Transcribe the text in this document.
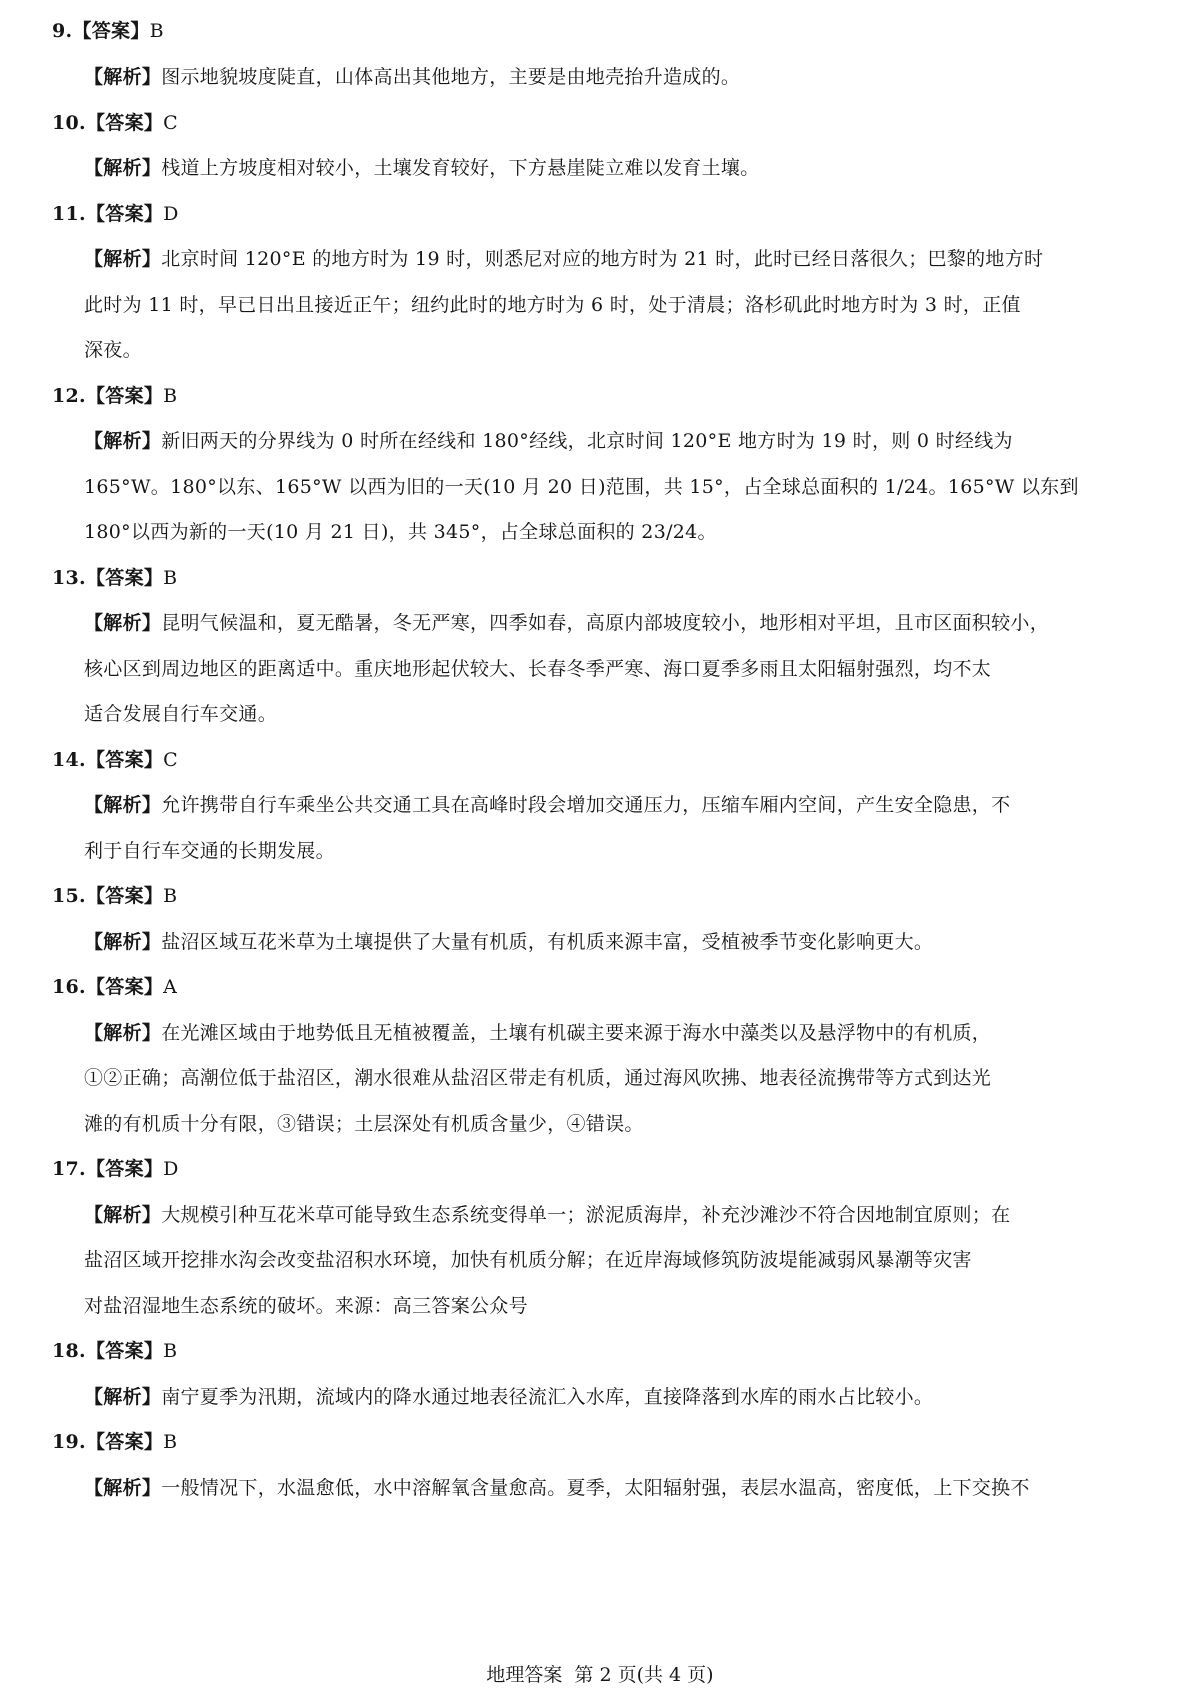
9.【答案】B
【解析】图示地貌坡度陡直，山体高出其他地方，主要是由地壳抬升造成的。
10.【答案】C
【解析】栈道上方坡度相对较小，土壤发育较好，下方悬崖陡立难以发育土壤。
11.【答案】D
【解析】北京时间 120°E 的地方时为 19 时，则悉尼对应的地方时为 21 时，此时已经日落很久；巴黎的地方时
此时为 11 时，早已日出且接近正午；纽约此时的地方时为 6 时，处于清晨；洛杉矶此时地方时为 3 时，正值
深夜。
12.【答案】B
【解析】新旧两天的分界线为 0 时所在经线和 180°经线，北京时间 120°E 地方时为 19 时，则 0 时经线为
165°W。180°以东、165°W 以西为旧的一天(10 月 20 日)范围，共 15°，占全球总面积的 1/24。165°W 以东到
180°以西为新的一天(10 月 21 日)，共 345°，占全球总面积的 23/24。
13.【答案】B
【解析】昆明气候温和，夏无酷暑，冬无严寒，四季如春，高原内部坡度较小，地形相对平坦，且市区面积较小，
核心区到周边地区的距离适中。重庆地形起伏较大、长春冬季严寒、海口夏季多雨且太阳辐射强烈，均不太
适合发展自行车交通。
14.【答案】C
【解析】允许携带自行车乘坐公共交通工具在高峰时段会增加交通压力，压缩车厢内空间，产生安全隐患，不
利于自行车交通的长期发展。
15.【答案】B
【解析】盐沼区域互花米草为土壤提供了大量有机质，有机质来源丰富，受植被季节变化影响更大。
16.【答案】A
【解析】在光滩区域由于地势低且无植被覆盖，土壤有机碳主要来源于海水中藻类以及悬浮物中的有机质，
①②正确；高潮位低于盐沼区，潮水很难从盐沼区带走有机质，通过海风吹拂、地表径流携带等方式到达光
滩的有机质十分有限，③错误；土层深处有机质含量少，④错误。
17.【答案】D
【解析】大规模引种互花米草可能导致生态系统变得单一；淤泥质海岸，补充沙滩沙不符合因地制宜原则；在
盐沼区域开挖排水沟会改变盐沼积水环境，加快有机质分解；在近岸海域修筑防波堤能减弱风暴潮等灾害
对盐沼湿地生态系统的破坏。来源：高三答案公众号
18.【答案】B
【解析】南宁夏季为汛期，流域内的降水通过地表径流汇入水库，直接降落到水库的雨水占比较小。
19.【答案】B
【解析】一般情况下，水温愈低，水中溶解氧含量愈高。夏季，太阳辐射强，表层水温高，密度低，上下交换不
地理答案 第 2 页(共 4 页)
